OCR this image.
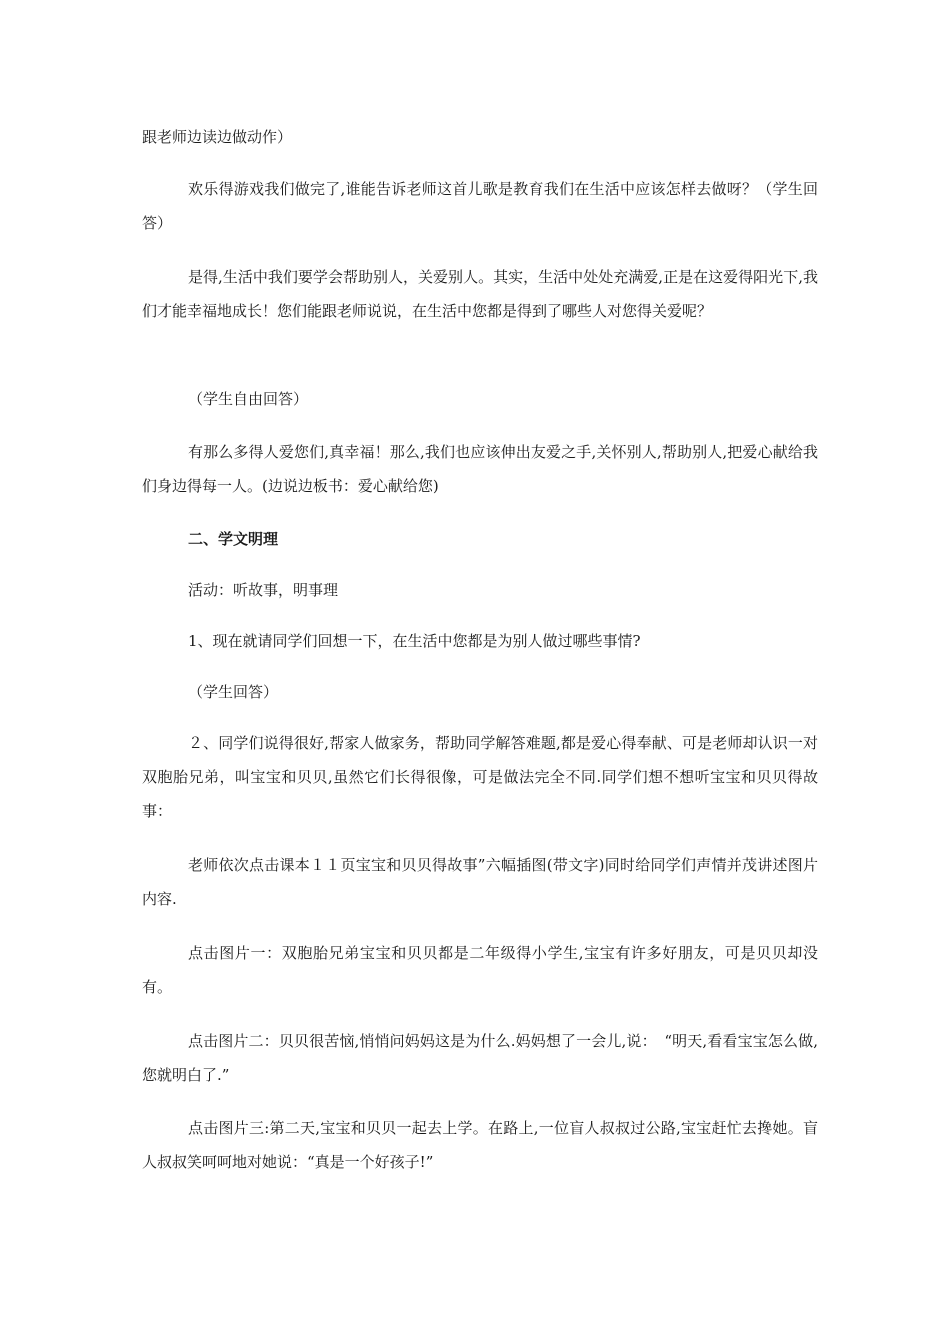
跟老师边读边做动作）

欢乐得游戏我们做完了,谁能告诉老师这首儿歌是教育我们在生活中应该怎样去做呀？（学生回答）

是得,生活中我们要学会帮助别人，关爱别人。其实，生活中处处充满爱,正是在这爱得阳光下,我们才能幸福地成长！您们能跟老师说说，在生活中您都是得到了哪些人对您得关爱呢？

（学生自由回答）

有那么多得人爱您们,真幸福！那么,我们也应该伸出友爱之手,关怀别人,帮助别人,把爱心献给我们身边得每一人。(边说边板书：爱心献给您)

二、学文明理

活动：听故事，明事理

1、现在就请同学们回想一下，在生活中您都是为别人做过哪些事情?

（学生回答）

２、同学们说得很好,帮家人做家务，帮助同学解答难题,都是爱心得奉献、可是老师却认识一对双胞胎兄弟，叫宝宝和贝贝,虽然它们长得很像，可是做法完全不同.同学们想不想听宝宝和贝贝得故事：

老师依次点击课本１１页宝宝和贝贝得故事”六幅插图(带文字)同时给同学们声情并茂讲述图片内容.

点击图片一：双胞胎兄弟宝宝和贝贝都是二年级得小学生,宝宝有许多好朋友，可是贝贝却没有。

点击图片二：贝贝很苦恼,悄悄问妈妈这是为什么.妈妈想了一会儿,说：　“明天,看看宝宝怎么做,您就明白了.”

点击图片三:第二天,宝宝和贝贝一起去上学。在路上,一位盲人叔叔过公路,宝宝赶忙去搀她。盲人叔叔笑呵呵地对她说：“真是一个好孩子!”
